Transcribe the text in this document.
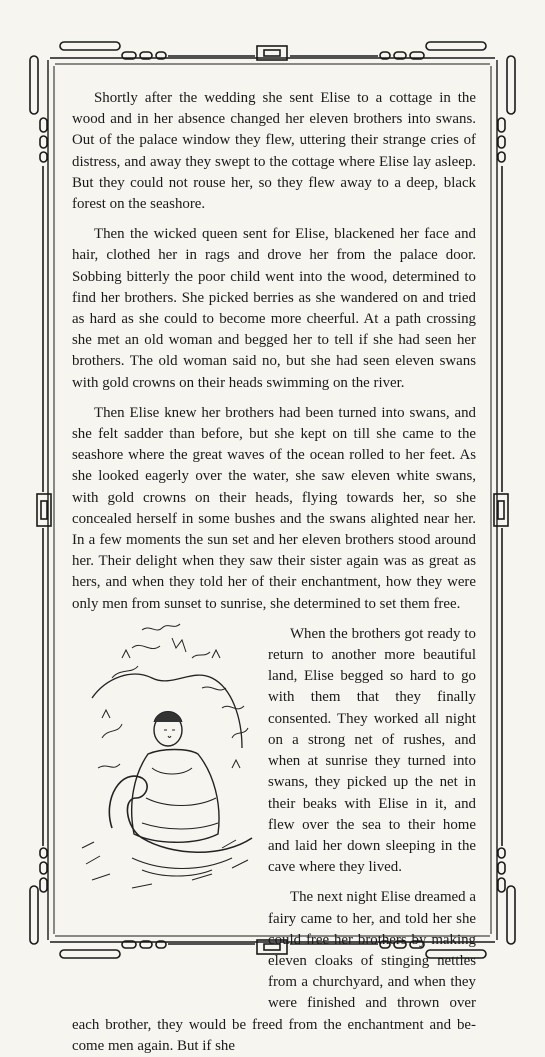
Shortly after the wedding she sent Elise to a cottage in the wood and in her absence changed her eleven brothers into swans. Out of the palace window they flew, uttering their strange cries of distress, and away they swept to the cottage where Elise lay asleep. But they could not rouse her, so they flew away to a deep, black forest on the seashore.

Then the wicked queen sent for Elise, blackened her face and hair, clothed her in rags and drove her from the palace door. Sobbing bitterly the poor child went into the wood, determined to find her brothers. She picked berries as she wandered on and tried as hard as she could to become more cheerful. At a path crossing she met an old woman and begged her to tell if she had seen her brothers. The old woman said no, but she had seen eleven swans with gold crowns on their heads swimming on the river.

Then Elise knew her brothers had been turned into swans, and she felt sadder than before, but she kept on till she came to the seashore where the great waves of the ocean rolled to her feet. As she looked eagerly over the water, she saw eleven white swans, with gold crowns on their heads, flying towards her, so she concealed herself in some bushes and the swans alighted near her. In a few moments the sun set and her eleven brothers stood around her. Their delight when they saw their sister again was as great as hers, and when they told her of their enchantment, how they were only men from sunset to sunrise, she determined to set them free.

When the brothers got ready to return to another more beautiful land, Elise begged so hard to go with them that they finally consented. They worked all night on a strong net of rushes, and when at sunrise they turned into swans, they picked up the net in their beaks with Elise in it, and flew over the sea to their home and laid her down sleeping in the cave where they lived.

The next night Elise dreamed a fairy came to her, and told her she could free her brothers by making eleven cloaks of stinging nettles from a churchyard, and when they were finished and thrown over each brother, they would be freed from the enchantment and become men again. But if she
